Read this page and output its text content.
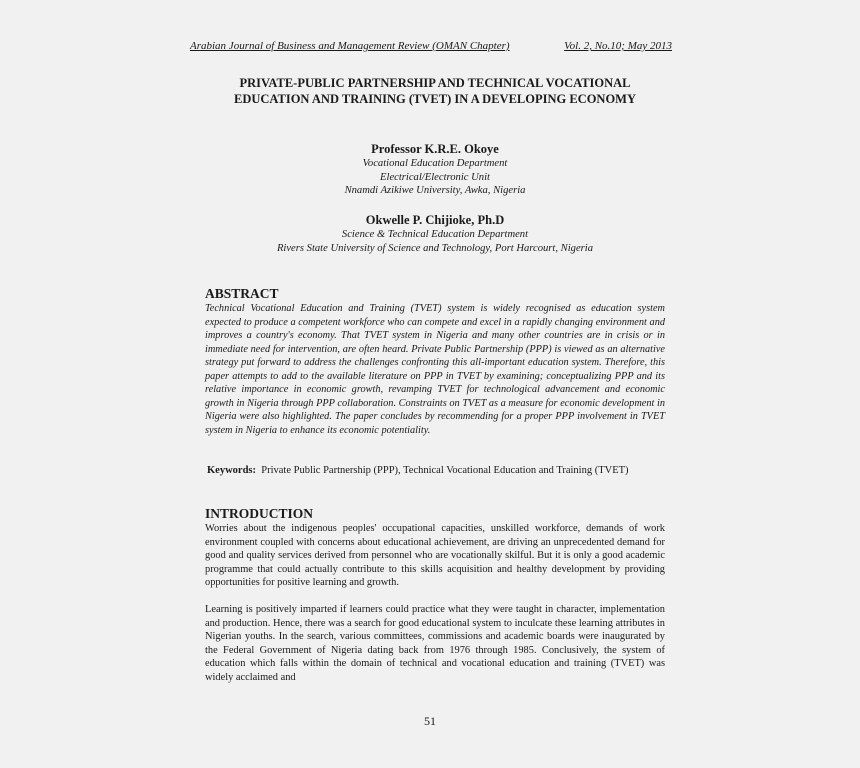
Arabian Journal of Business and Management Review (OMAN Chapter)	Vol. 2, No.10; May 2013
PRIVATE-PUBLIC PARTNERSHIP AND TECHNICAL VOCATIONAL
EDUCATION AND TRAINING (TVET) IN A DEVELOPING ECONOMY
Professor K.R.E. Okoye
Vocational Education Department
Electrical/Electronic Unit
Nnamdi Azikiwe University, Awka, Nigeria
Okwelle P. Chijioke, Ph.D
Science & Technical Education Department
Rivers State University of Science and Technology, Port Harcourt, Nigeria
ABSTRACT
Technical Vocational Education and Training (TVET) system is widely recognised as education system expected to produce a competent workforce who can compete and excel in a rapidly changing environment and improves a country's economy. That TVET system in Nigeria and many other countries are in crisis or in immediate need for intervention, are often heard. Private Public Partnership (PPP) is viewed as an alternative strategy put forward to address the challenges confronting this all-important education system. Therefore, this paper attempts to add to the available literature on PPP in TVET by examining; conceptualizing PPP and its relative importance in economic growth, revamping TVET for technological advancement and economic growth in Nigeria through PPP collaboration. Constraints on TVET as a measure for economic development in Nigeria were also highlighted. The paper concludes by recommending for a proper PPP involvement in TVET system in Nigeria to enhance its economic potentiality.
Keywords: Private Public Partnership (PPP), Technical Vocational Education and Training (TVET)
INTRODUCTION
Worries about the indigenous peoples' occupational capacities, unskilled workforce, demands of work environment coupled with concerns about educational achievement, are driving an unprecedented demand for good and quality services derived from personnel who are vocationally skilful. But it is only a good academic programme that could actually contribute to this skills acquisition and healthy development by providing opportunities for positive learning and growth.
Learning is positively imparted if learners could practice what they were taught in character, implementation and production. Hence, there was a search for good educational system to inculcate these learning attributes in Nigerian youths. In the search, various committees, commissions and academic boards were inaugurated by the Federal Government of Nigeria dating back from 1976 through 1985. Conclusively, the system of education which falls within the domain of technical and vocational education and training (TVET) was widely acclaimed and
51
